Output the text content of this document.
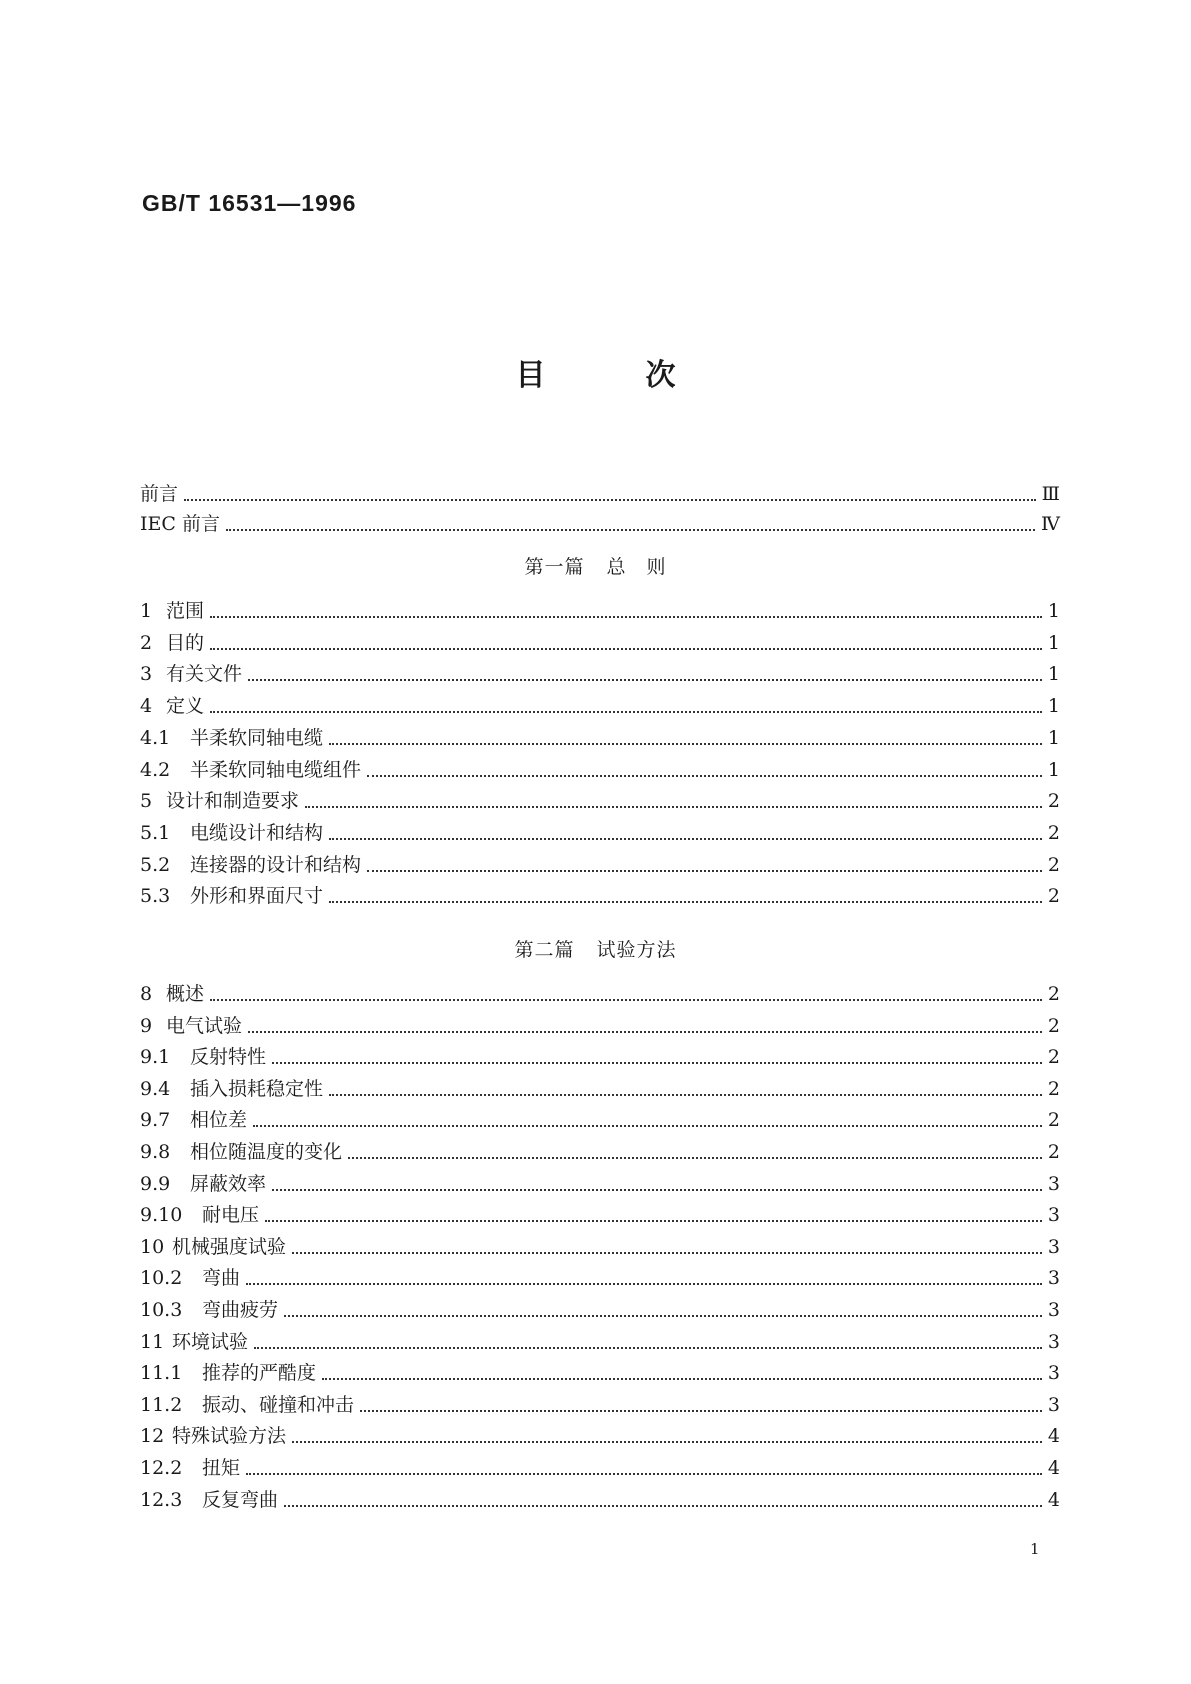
GB/T 16531—1996
目次
前言	Ⅲ
IEC 前言	Ⅳ
第一篇 总　则
1 范围	1
2 目的	1
3 有关文件	1
4 定义	1
4.1	半柔软同轴电缆	1
4.2	半柔软同轴电缆组件	1
5 设计和制造要求	2
5.1	电缆设计和结构	2
5.2	连接器的设计和结构	2
5.3	外形和界面尺寸	2
第二篇 试验方法
8 概述	2
9 电气试验	2
9.1	反射特性	2
9.4	插入损耗稳定性	2
9.7	相位差	2
9.8	相位随温度的变化	2
9.9	屏蔽效率	3
9.10	耐电压	3
10 机械强度试验	3
10.2	弯曲	3
10.3	弯曲疲劳	3
11 环境试验	3
11.1	推荐的严酷度	3
11.2	振动、碰撞和冲击	3
12 特殊试验方法	4
12.2	扭矩	4
12.3	反复弯曲	4
1
